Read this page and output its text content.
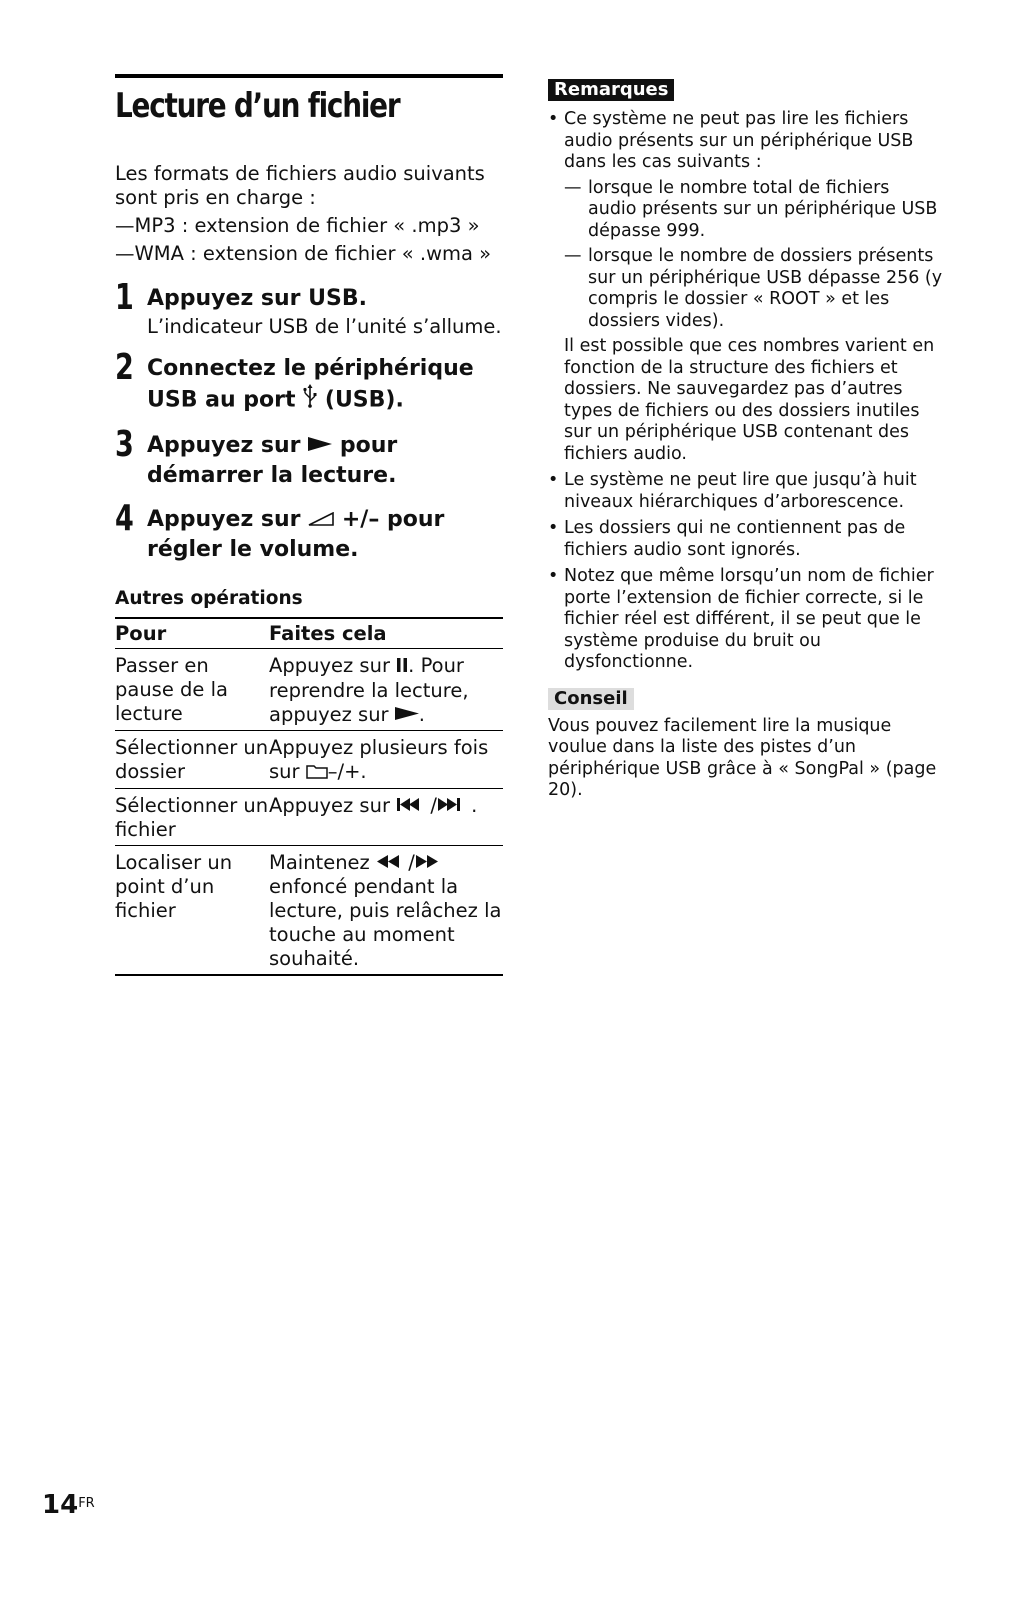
Lecture d’un fichier

Les formats de fichiers audio suivants sont pris en charge :

—MP3 : extension de fichier « .mp3 »

—WMA : extension de fichier « .wma »

1 Appuyez sur USB.
L’indicateur USB de l’unité s’allume.
2 Connectez le périphérique USB au port (USB).
3 Appuyez sur pour démarrer la lecture.
4 Appuyez sur +/– pour régler le volume.
Autres opérations
Pour	Faites cela
Passer en pause de la lecture	Appuyez sur . Pour reprendre la lecture, appuyez sur .
Sélectionner un dossier	Appuyez plusieurs fois sur –/+.
Sélectionner un fichier	Appuyez sur / .
Localiser un point d’un fichier	Maintenez / enfoncé pendant la lecture, puis relâchez la touche au moment souhaité.
Remarques
• Ce système ne peut pas lire les fichiers audio présents sur un périphérique USB dans les cas suivants :
— lorsque le nombre total de fichiers audio présents sur un périphérique USB dépasse 999.
— lorsque le nombre de dossiers présents sur un périphérique USB dépasse 256 (y compris le dossier « ROOT » et les dossiers vides).
Il est possible que ces nombres varient en fonction de la structure des fichiers et dossiers. Ne sauvegardez pas d’autres types de fichiers ou des dossiers inutiles sur un périphérique USB contenant des fichiers audio.
• Le système ne peut lire que jusqu’à huit niveaux hiérarchiques d’arborescence.
• Les dossiers qui ne contiennent pas de fichiers audio sont ignorés.
• Notez que même lorsqu’un nom de fichier porte l’extension de fichier correcte, si le fichier réel est différent, il se peut que le système produise du bruit ou dysfonctionne.
Conseil
Vous pouvez facilement lire la musique voulue dans la liste des pistes d’un périphérique USB grâce à « SongPal » (page 20).
$14^{FR}$
